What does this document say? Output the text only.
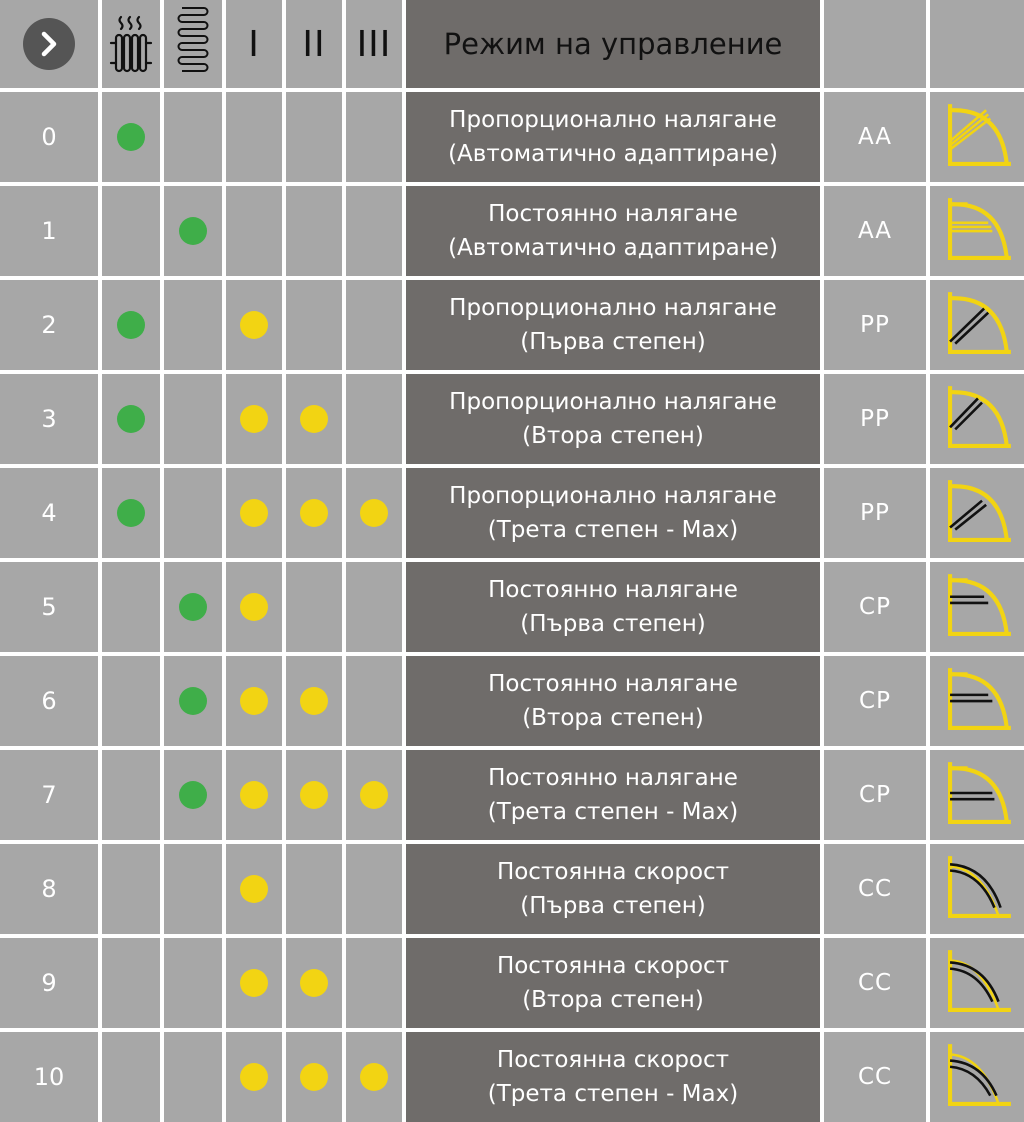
I II III Режим на управление
0
Пропорционално налягане
(Автоматично адаптиране)
AA
1
Постоянно налягане
(Автоматично адаптиране)
AA
2
Пропорционално налягане
(Първа степен)
PP
3
Пропорционално налягане
(Втора степен)
PP
4
Пропорционално налягане
(Трета степен - Max)
PP
5
Постоянно налягане
(Първа степен)
CP
6
Постоянно налягане
(Втора степен)
CP
7
Постоянно налягане
(Трета степен - Max)
CP
8
Постоянна скорост
(Първа степен)
CC
9
Постоянна скорост
(Втора степен)
CC
10
Постоянна скорост
(Трета степен - Max)
CC
